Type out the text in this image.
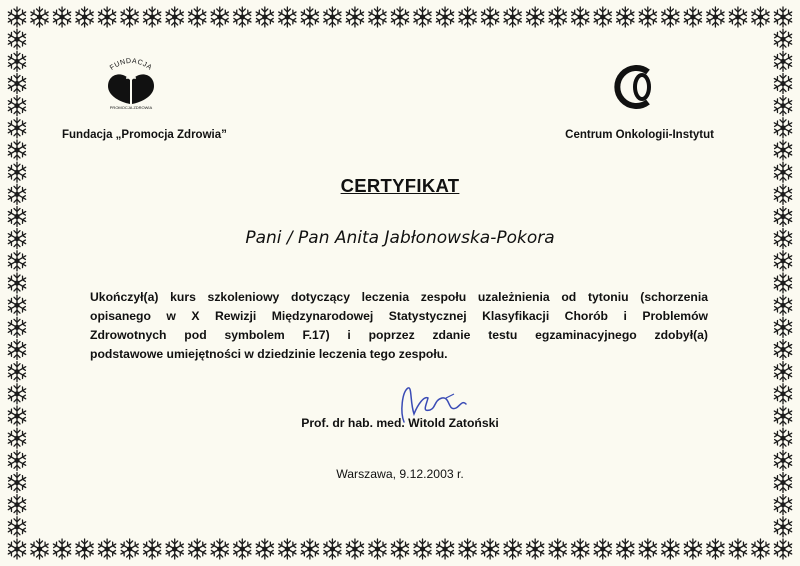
FUNDACJA
PROMOCJA ZDROWIA
Fundacja „Promocja Zdrowia”	Centrum Onkologii-Instytut
CERTYFIKAT
Pani / Pan Anita Jabłonowska-Pokora
Ukończył(a) kurs szkoleniowy dotyczący leczenia zespołu uzależnienia od tytoniu (schorzenia
opisanego w X Rewizji Międzynarodowej Statystycznej Klasyfikacji Chorób i Problemów
Zdrowotnych pod symbolem F.17) i poprzez zdanie testu egzaminacyjnego zdobył(a)
podstawowe umiejętności w dziedzinie leczenia tego zespołu.
Prof. dr hab. med. Witold Zatoński
Warszawa, 9.12.2003 r.
